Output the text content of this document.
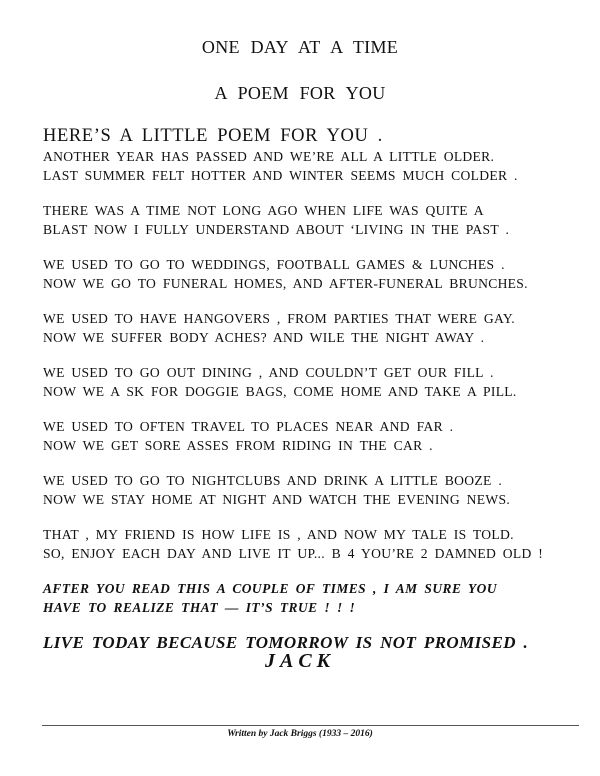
ONE DAY AT A TIME
A POEM FOR YOU

HERE’S A LITTLE POEM FOR YOU .

ANOTHER YEAR HAS PASSED AND WE’RE ALL A LITTLE OLDER.
LAST SUMMER FELT HOTTER AND WINTER SEEMS MUCH COLDER .
THERE WAS A TIME NOT LONG AGO WHEN LIFE WAS QUITE A
BLAST NOW I FULLY UNDERSTAND ABOUT ‘LIVING IN THE PAST .
WE USED TO GO TO WEDDINGS, FOOTBALL GAMES & LUNCHES .
NOW WE GO TO FUNERAL HOMES, AND AFTER-FUNERAL BRUNCHES.
WE USED TO HAVE HANGOVERS , FROM PARTIES THAT WERE GAY.
NOW WE SUFFER BODY ACHES? AND WILE THE NIGHT AWAY .
WE USED TO GO OUT DINING , AND COULDN’T GET OUR FILL .
NOW WE A SK FOR DOGGIE BAGS, COME HOME AND TAKE A PILL.
WE USED TO OFTEN TRAVEL TO PLACES NEAR AND FAR .
NOW WE GET SORE ASSES FROM RIDING IN THE CAR .
WE USED TO GO TO NIGHTCLUBS AND DRINK A LITTLE BOOZE .
NOW WE STAY HOME AT NIGHT AND WATCH THE EVENING NEWS.
THAT , MY FRIEND IS HOW LIFE IS , AND NOW MY TALE IS TOLD.
SO, ENJOY EACH DAY AND LIVE IT UP... B 4 YOU’RE 2 DAMNED OLD !
AFTER YOU READ THIS A COUPLE OF TIMES , I AM SURE YOU
HAVE TO REALIZE THAT — IT’S TRUE ! ! !

LIVE TODAY BECAUSE TOMORROW IS NOT PROMISED .

JACK
Written by Jack Briggs (1933 – 2016)
